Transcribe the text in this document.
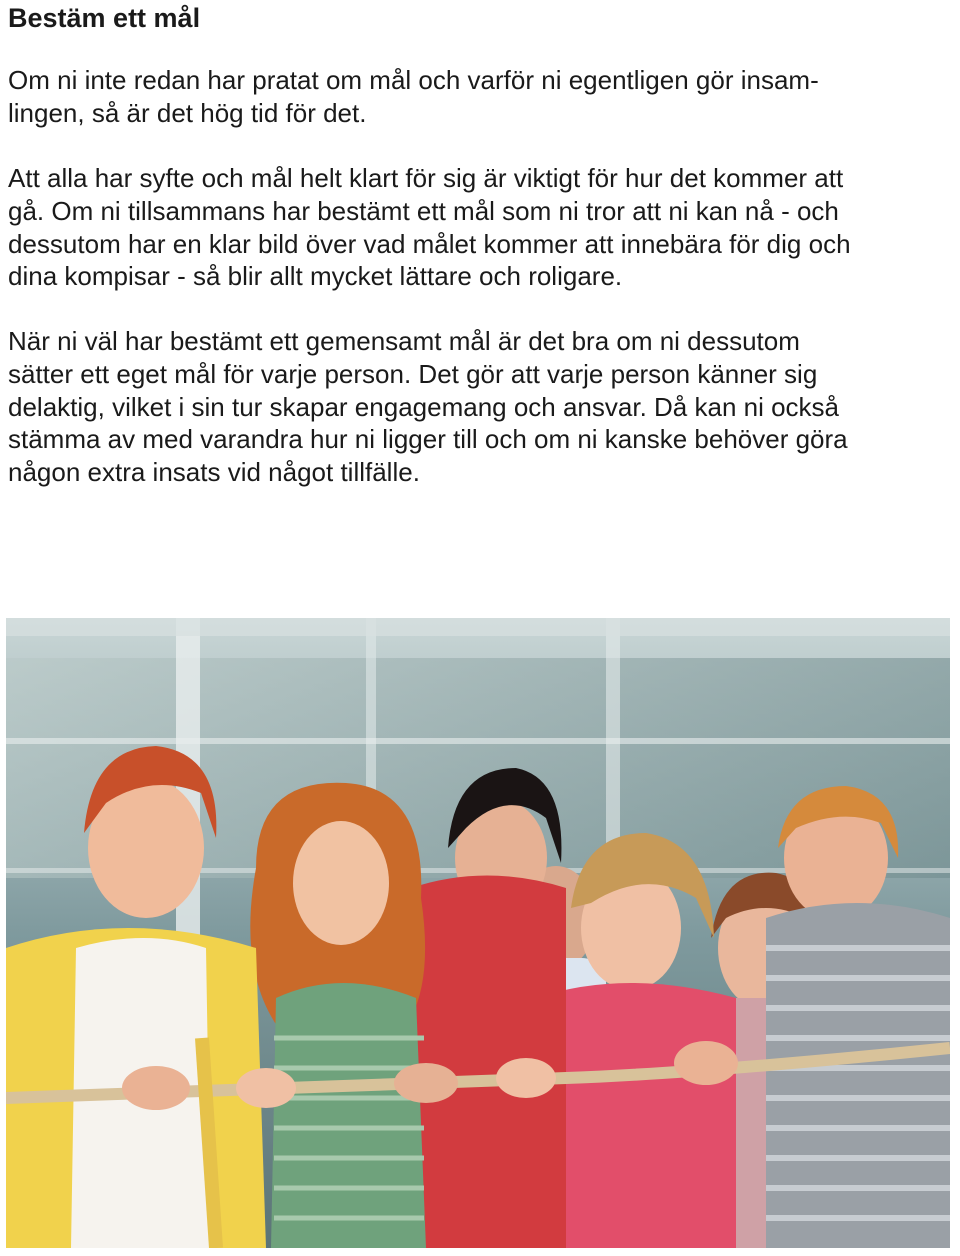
Bestäm ett mål

Om ni inte redan har pratat om mål och varför ni egentligen gör insam-
lingen, så är det hög tid för det.

Att alla har syfte och mål helt klart för sig är viktigt för hur det kommer att
gå. Om ni tillsammans har bestämt ett mål som ni tror att ni kan nå - och
dessutom har en klar bild över vad målet kommer att innebära för dig och
dina kompisar - så blir allt mycket lättare och roligare.

När ni väl har bestämt ett gemensamt mål är det bra om ni dessutom
sätter ett eget mål för varje person. Det gör att varje person känner sig
delaktig, vilket i sin tur skapar engagemang och ansvar. Då kan ni också
stämma av med varandra hur ni ligger till och om ni kanske behöver göra
någon extra insats vid något tillfälle.
